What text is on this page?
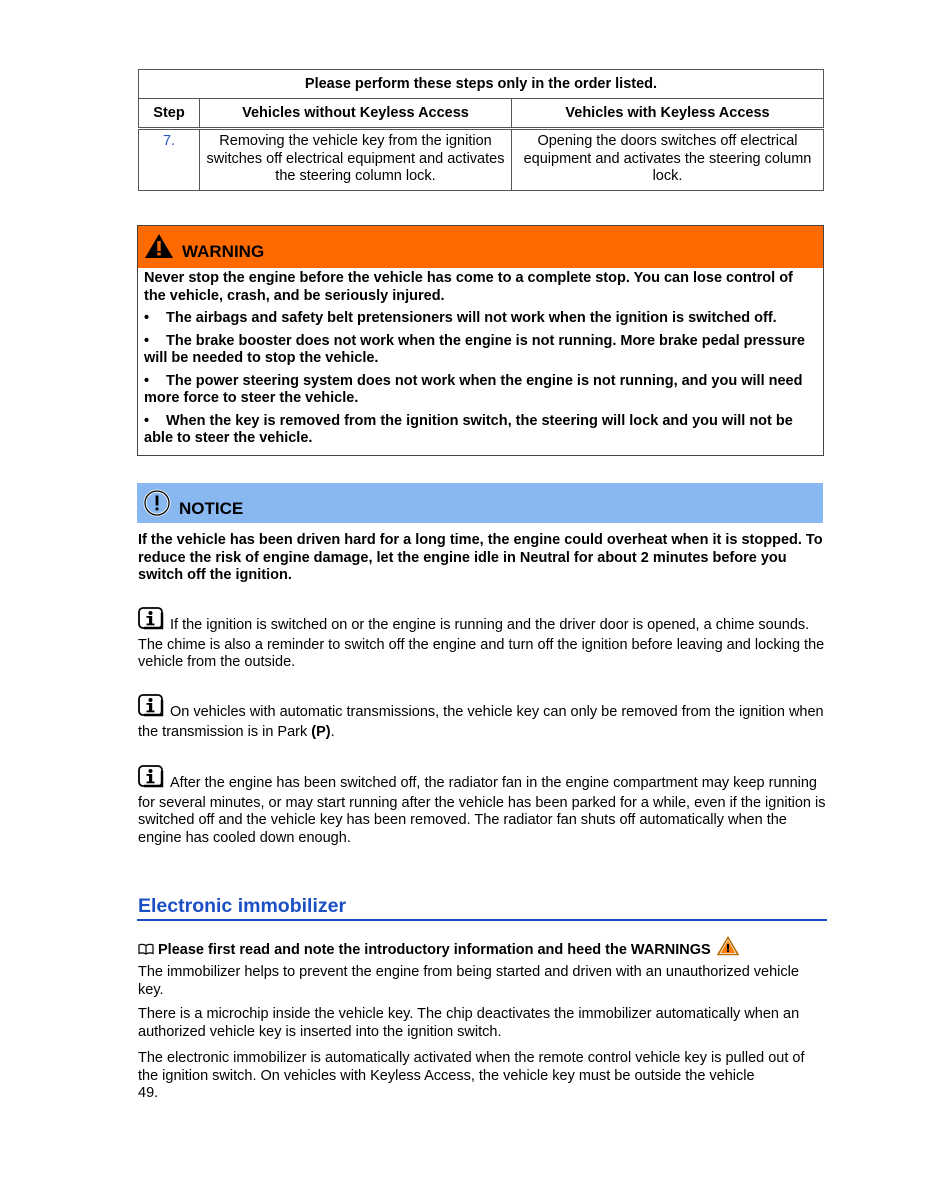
Please perform these steps only in the order listed.		
Step	Vehicles without Keyless Access	Vehicles with Keyless Access
7.	Removing the vehicle key from the ignition switches off electrical equipment and activates the steering column lock.	Opening the doors switches off electrical equipment and activates the steering column lock.
WARNING

Never stop the engine before the vehicle has come to a complete stop. You can lose control of the vehicle, crash, and be seriously injured.

• The airbags and safety belt pretensioners will not work when the ignition is switched off.
• The brake booster does not work when the engine is not running. More brake pedal pressure will be needed to stop the vehicle.
• The power steering system does not work when the engine is not running, and you will need more force to steer the vehicle.
• When the key is removed from the ignition switch, the steering will lock and you will not be able to steer the vehicle.
NOTICE
If the vehicle has been driven hard for a long time, the engine could overheat when it is stopped. To reduce the risk of engine damage, let the engine idle in Neutral for about 2 minutes before you switch off the ignition.
If the ignition is switched on or the engine is running and the driver door is opened, a chime sounds. The chime is also a reminder to switch off the engine and turn off the ignition before leaving and locking the vehicle from the outside.
On vehicles with automatic transmissions, the vehicle key can only be removed from the ignition when the transmission is in Park (P).
After the engine has been switched off, the radiator fan in the engine compartment may keep running for several minutes, or may start running after the vehicle has been parked for a while, even if the ignition is switched off and the vehicle key has been removed. The radiator fan shuts off automatically when the engine has cooled down enough.
Electronic immobilizer
Please first read and note the introductory information and heed the WARNINGS
The immobilizer helps to prevent the engine from being started and driven with an unauthorized vehicle key.
There is a microchip inside the vehicle key. The chip deactivates the immobilizer automatically when an authorized vehicle key is inserted into the ignition switch.
The electronic immobilizer is automatically activated when the remote control vehicle key is pulled out of the ignition switch. On vehicles with Keyless Access, the vehicle key must be outside the vehicle
49.
